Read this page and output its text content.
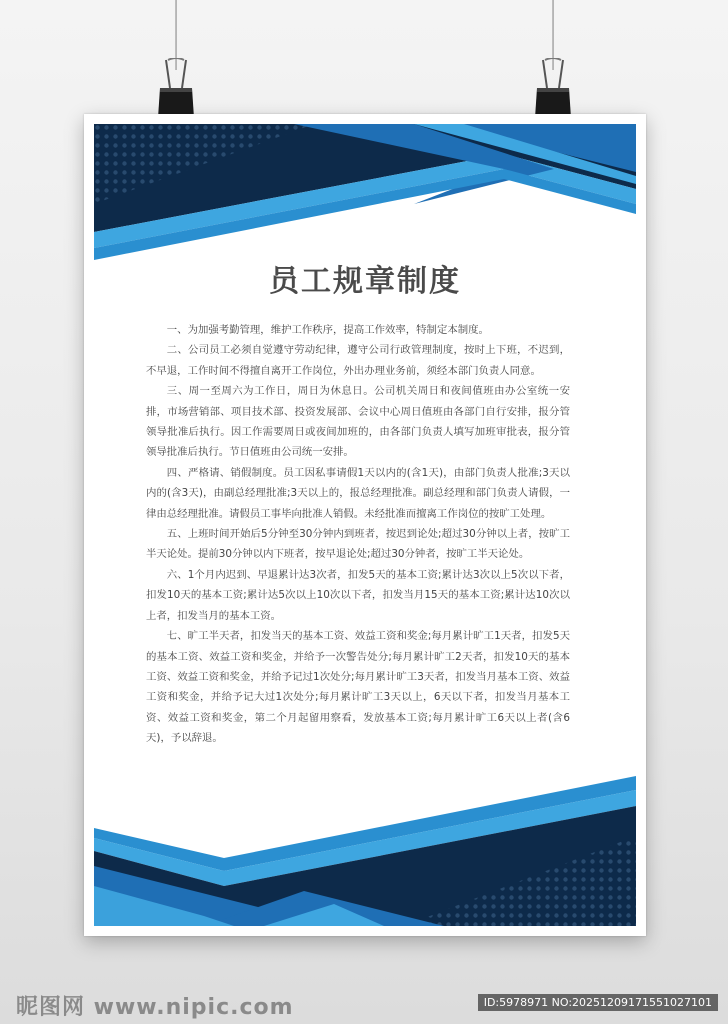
员工规章制度

一、为加强考勤管理，维护工作秩序，提高工作效率，特制定本制度。

二、公司员工必须自觉遵守劳动纪律，遵守公司行政管理制度，按时上下班，不迟到，不早退，工作时间不得擅自离开工作岗位，外出办理业务前，须经本部门负责人同意。

三、周一至周六为工作日，周日为休息日。公司机关周日和夜间值班由办公室统一安排，市场营销部、项目技术部、投资发展部、会议中心周日值班由各部门自行安排，报分管领导批准后执行。因工作需要周日或夜间加班的，由各部门负责人填写加班审批表，报分管领导批准后执行。节日值班由公司统一安排。

四、严格请、销假制度。员工因私事请假1天以内的(含1天)，由部门负责人批准;3天以内的(含3天)，由副总经理批准;3天以上的，报总经理批准。副总经理和部门负责人请假，一律由总经理批准。请假员工事毕向批准人销假。未经批准而擅离工作岗位的按旷工处理。

五、上班时间开始后5分钟至30分钟内到班者，按迟到论处;超过30分钟以上者，按旷工半天论处。提前30分钟以内下班者，按早退论处;超过30分钟者，按旷工半天论处。

六、1个月内迟到、早退累计达3次者，扣发5天的基本工资;累计达3次以上5次以下者，扣发10天的基本工资;累计达5次以上10次以下者，扣发当月15天的基本工资;累计达10次以上者，扣发当月的基本工资。

七、旷工半天者，扣发当天的基本工资、效益工资和奖金;每月累计旷工1天者，扣发5天的基本工资、效益工资和奖金，并给予一次警告处分;每月累计旷工2天者，扣发10天的基本工资、效益工资和奖金，并给予记过1次处分;每月累计旷工3天者，扣发当月基本工资、效益工资和奖金，并给予记大过1次处分;每月累计旷工3天以上，6天以下者，扣发当月基本工资、效益工资和奖金，第二个月起留用察看，发放基本工资;每月累计旷工6天以上者(含6天)，予以辞退。

昵图网 www.nipic.com	ID:5978971 NO:20251209171551027101
